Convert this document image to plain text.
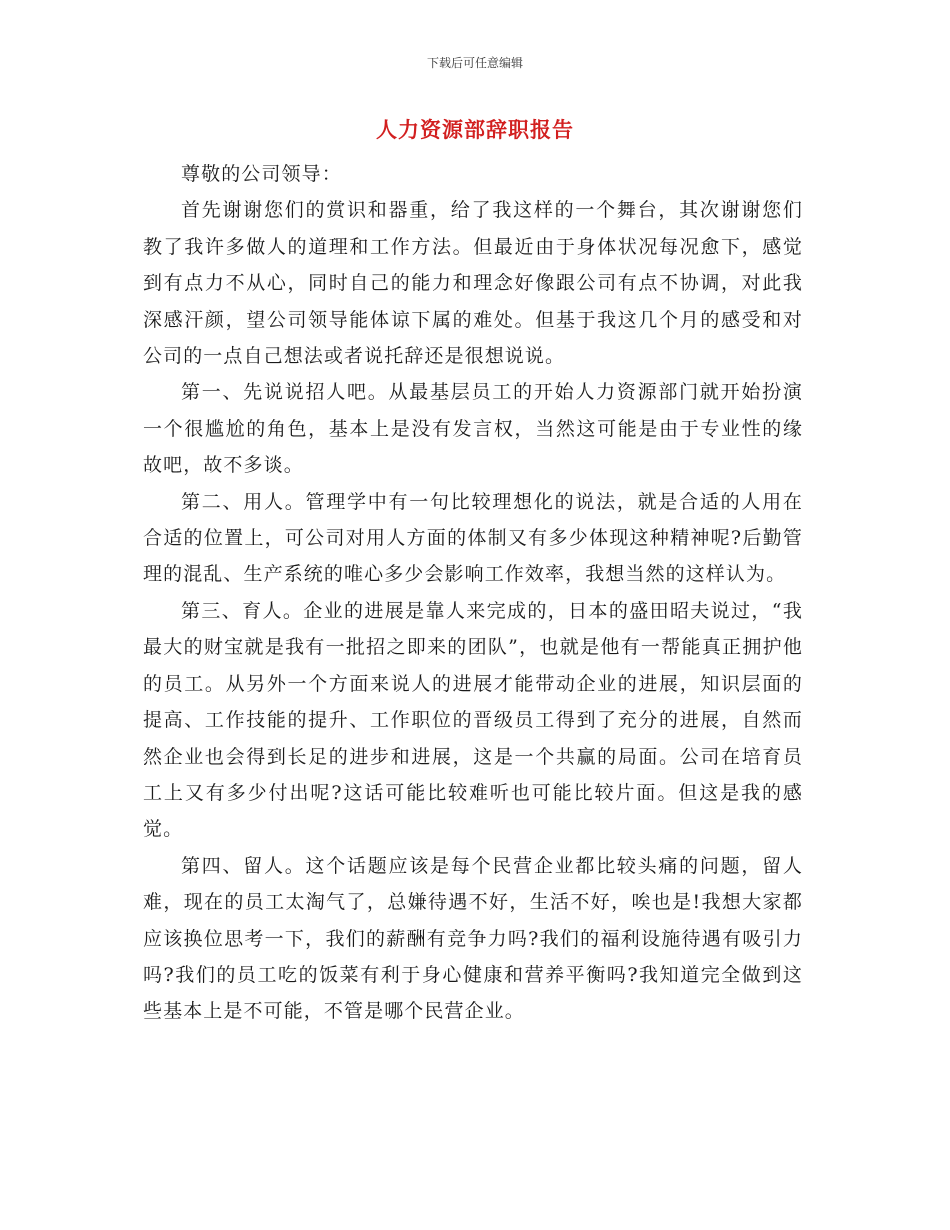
下载后可任意编辑
人力资源部辞职报告

尊敬的公司领导：

首先谢谢您们的赏识和器重，给了我这样的一个舞台，其次谢谢您们教了我许多做人的道理和工作方法。但最近由于身体状况每况愈下，感觉到有点力不从心，同时自己的能力和理念好像跟公司有点不协调，对此我深感汗颜，望公司领导能体谅下属的难处。但基于我这几个月的感受和对公司的一点自己想法或者说托辞还是很想说说。

第一、先说说招人吧。从最基层员工的开始人力资源部门就开始扮演一个很尴尬的角色，基本上是没有发言权，当然这可能是由于专业性的缘故吧，故不多谈。

第二、用人。管理学中有一句比较理想化的说法，就是合适的人用在合适的位置上，可公司对用人方面的体制又有多少体现这种精神呢?后勤管理的混乱、生产系统的唯心多少会影响工作效率，我想当然的这样认为。

第三、育人。企业的进展是靠人来完成的，日本的盛田昭夫说过，“我最大的财宝就是我有一批招之即来的团队”，也就是他有一帮能真正拥护他的员工。从另外一个方面来说人的进展才能带动企业的进展，知识层面的提高、工作技能的提升、工作职位的晋级员工得到了充分的进展，自然而然企业也会得到长足的进步和进展，这是一个共赢的局面。公司在培育员工上又有多少付出呢?这话可能比较难听也可能比较片面。但这是我的感觉。

第四、留人。这个话题应该是每个民营企业都比较头痛的问题，留人难，现在的员工太淘气了，总嫌待遇不好，生活不好，唉也是!我想大家都应该换位思考一下，我们的薪酬有竞争力吗?我们的福利设施待遇有吸引力吗?我们的员工吃的饭菜有利于身心健康和营养平衡吗?我知道完全做到这些基本上是不可能，不管是哪个民营企业。
